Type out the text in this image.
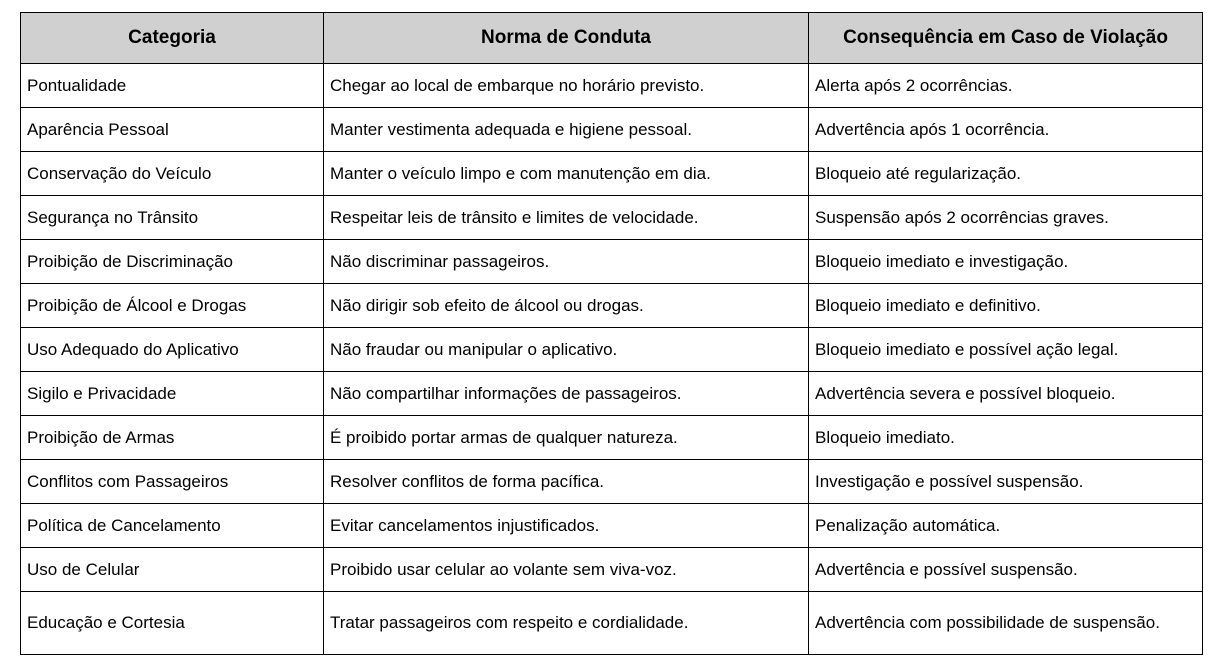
Categoria	Norma de Conduta	Consequência em Caso de Violação
Pontualidade	Chegar ao local de embarque no horário previsto.	Alerta após 2 ocorrências.
Aparência Pessoal	Manter vestimenta adequada e higiene pessoal.	Advertência após 1 ocorrência.
Conservação do Veículo	Manter o veículo limpo e com manutenção em dia.	Bloqueio até regularização.
Segurança no Trânsito	Respeitar leis de trânsito e limites de velocidade.	Suspensão após 2 ocorrências graves.
Proibição de Discriminação	Não discriminar passageiros.	Bloqueio imediato e investigação.
Proibição de Álcool e Drogas	Não dirigir sob efeito de álcool ou drogas.	Bloqueio imediato e definitivo.
Uso Adequado do Aplicativo	Não fraudar ou manipular o aplicativo.	Bloqueio imediato e possível ação legal.
Sigilo e Privacidade	Não compartilhar informações de passageiros.	Advertência severa e possível bloqueio.
Proibição de Armas	É proibido portar armas de qualquer natureza.	Bloqueio imediato.
Conflitos com Passageiros	Resolver conflitos de forma pacífica.	Investigação e possível suspensão.
Política de Cancelamento	Evitar cancelamentos injustificados.	Penalização automática.
Uso de Celular	Proibido usar celular ao volante sem viva-voz.	Advertência e possível suspensão.
Educação e Cortesia	Tratar passageiros com respeito e cordialidade.	Advertência com possibilidade de suspensão.
